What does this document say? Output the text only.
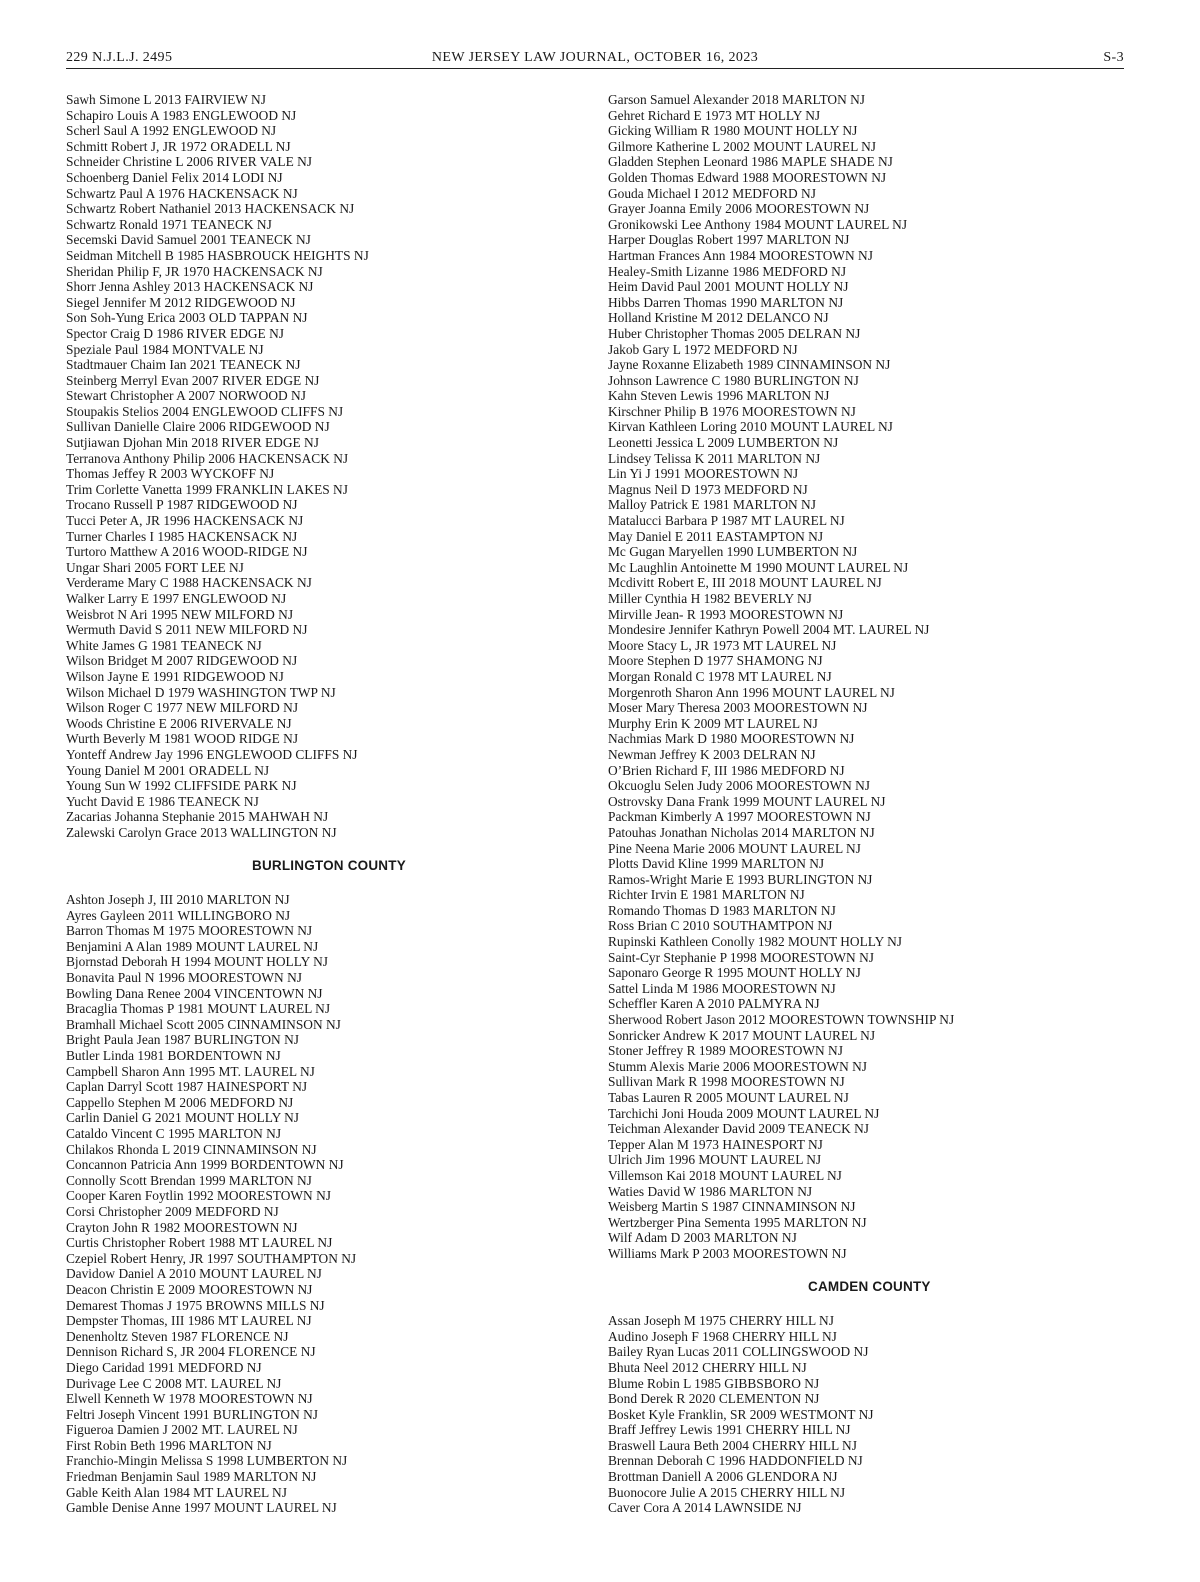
229 N.J.L.J. 2495	NEW JERSEY LAW JOURNAL, OCTOBER 16, 2023	S-3
Sawh Simone L 2013 FAIRVIEW NJ
Schapiro Louis A 1983 ENGLEWOOD NJ
Scherl Saul A 1992 ENGLEWOOD NJ
Schmitt Robert J, JR 1972 ORADELL NJ
Schneider Christine L 2006 RIVER VALE NJ
Schoenberg Daniel Felix 2014 LODI NJ
Schwartz Paul A 1976 HACKENSACK NJ
Schwartz Robert Nathaniel 2013 HACKENSACK NJ
Schwartz Ronald 1971 TEANECK NJ
Secemski David Samuel 2001 TEANECK NJ
Seidman Mitchell B 1985 HASBROUCK HEIGHTS NJ
Sheridan Philip F, JR 1970 HACKENSACK NJ
Shorr Jenna Ashley 2013 HACKENSACK NJ
Siegel Jennifer M 2012 RIDGEWOOD NJ
Son Soh-Yung Erica 2003 OLD TAPPAN NJ
Spector Craig D 1986 RIVER EDGE NJ
Speziale Paul 1984 MONTVALE NJ
Stadtmauer Chaim Ian 2021 TEANECK NJ
Steinberg Merryl Evan 2007 RIVER EDGE NJ
Stewart Christopher A 2007 NORWOOD NJ
Stoupakis Stelios 2004 ENGLEWOOD CLIFFS NJ
Sullivan Danielle Claire 2006 RIDGEWOOD NJ
Sutjiawan Djohan Min 2018 RIVER EDGE NJ
Terranova Anthony Philip 2006 HACKENSACK NJ
Thomas Jeffey R 2003 WYCKOFF NJ
Trim Corlette Vanetta 1999 FRANKLIN LAKES NJ
Trocano Russell P 1987 RIDGEWOOD NJ
Tucci Peter A, JR 1996 HACKENSACK NJ
Turner Charles I 1985 HACKENSACK NJ
Turtoro Matthew A 2016 WOOD-RIDGE NJ
Ungar Shari 2005 FORT LEE NJ
Verderame Mary C 1988 HACKENSACK NJ
Walker Larry E 1997 ENGLEWOOD NJ
Weisbrot N Ari 1995 NEW MILFORD NJ
Wermuth David S 2011 NEW MILFORD NJ
White James G 1981 TEANECK NJ
Wilson Bridget M 2007 RIDGEWOOD NJ
Wilson Jayne E 1991 RIDGEWOOD NJ
Wilson Michael D 1979 WASHINGTON TWP NJ
Wilson Roger C 1977 NEW MILFORD NJ
Woods Christine E 2006 RIVERVALE NJ
Wurth Beverly M 1981 WOOD RIDGE NJ
Yonteff Andrew Jay 1996 ENGLEWOOD CLIFFS NJ
Young Daniel M 2001 ORADELL NJ
Young Sun W 1992 CLIFFSIDE PARK NJ
Yucht David E 1986 TEANECK NJ
Zacarias Johanna Stephanie 2015 MAHWAH NJ
Zalewski Carolyn Grace 2013 WALLINGTON NJ
BURLINGTON COUNTY
Ashton Joseph J, III 2010 MARLTON NJ
Ayres Gayleen 2011 WILLINGBORO NJ
Barron Thomas M 1975 MOORESTOWN NJ
Benjamini A Alan 1989 MOUNT LAUREL NJ
Bjornstad Deborah H 1994 MOUNT HOLLY NJ
Bonavita Paul N 1996 MOORESTOWN NJ
Bowling Dana Renee 2004 VINCENTOWN NJ
Bracaglia Thomas P 1981 MOUNT LAUREL NJ
Bramhall Michael Scott 2005 CINNAMINSON NJ
Bright Paula Jean 1987 BURLINGTON NJ
Butler Linda 1981 BORDENTOWN NJ
Campbell Sharon Ann 1995 MT. LAUREL NJ
Caplan Darryl Scott 1987 HAINESPORT NJ
Cappello Stephen M 2006 MEDFORD NJ
Carlin Daniel G 2021 MOUNT HOLLY NJ
Cataldo Vincent C 1995 MARLTON NJ
Chilakos Rhonda L 2019 CINNAMINSON NJ
Concannon Patricia Ann 1999 BORDENTOWN NJ
Connolly Scott Brendan 1999 MARLTON NJ
Cooper Karen Foytlin 1992 MOORESTOWN NJ
Corsi Christopher 2009 MEDFORD NJ
Crayton John R 1982 MOORESTOWN NJ
Curtis Christopher Robert 1988 MT LAUREL NJ
Czepiel Robert Henry, JR 1997 SOUTHAMPTON NJ
Davidow Daniel A 2010 MOUNT LAUREL NJ
Deacon Christin E 2009 MOORESTOWN NJ
Demarest Thomas J 1975 BROWNS MILLS NJ
Dempster Thomas, III 1986 MT LAUREL NJ
Denenholtz Steven 1987 FLORENCE NJ
Dennison Richard S, JR 2004 FLORENCE NJ
Diego Caridad 1991 MEDFORD NJ
Durivage Lee C 2008 MT. LAUREL NJ
Elwell Kenneth W 1978 MOORESTOWN NJ
Feltri Joseph Vincent 1991 BURLINGTON NJ
Figueroa Damien J 2002 MT. LAUREL NJ
First Robin Beth 1996 MARLTON NJ
Franchio-Mingin Melissa S 1998 LUMBERTON NJ
Friedman Benjamin Saul 1989 MARLTON NJ
Gable Keith Alan 1984 MT LAUREL NJ
Gamble Denise Anne 1997 MOUNT LAUREL NJ
Garson Samuel Alexander 2018 MARLTON NJ
Gehret Richard E 1973 MT HOLLY NJ
Gicking William R 1980 MOUNT HOLLY NJ
Gilmore Katherine L 2002 MOUNT LAUREL NJ
Gladden Stephen Leonard 1986 MAPLE SHADE NJ
Golden Thomas Edward 1988 MOORESTOWN NJ
Gouda Michael I 2012 MEDFORD NJ
Grayer Joanna Emily 2006 MOORESTOWN NJ
Gronikowski Lee Anthony 1984 MOUNT LAUREL NJ
Harper Douglas Robert 1997 MARLTON NJ
Hartman Frances Ann 1984 MOORESTOWN NJ
Healey-Smith Lizanne 1986 MEDFORD NJ
Heim David Paul 2001 MOUNT HOLLY NJ
Hibbs Darren Thomas 1990 MARLTON NJ
Holland Kristine M 2012 DELANCO NJ
Huber Christopher Thomas 2005 DELRAN NJ
Jakob Gary L 1972 MEDFORD NJ
Jayne Roxanne Elizabeth 1989 CINNAMINSON NJ
Johnson Lawrence C 1980 BURLINGTON NJ
Kahn Steven Lewis 1996 MARLTON NJ
Kirschner Philip B 1976 MOORESTOWN NJ
Kirvan Kathleen Loring 2010 MOUNT LAUREL NJ
Leonetti Jessica L 2009 LUMBERTON NJ
Lindsey Telissa K 2011 MARLTON NJ
Lin Yi J 1991 MOORESTOWN NJ
Magnus Neil D 1973 MEDFORD NJ
Malloy Patrick E 1981 MARLTON NJ
Matalucci Barbara P 1987 MT LAUREL NJ
May Daniel E 2011 EASTAMPTON NJ
Mc Gugan Maryellen 1990 LUMBERTON NJ
Mc Laughlin Antoinette M 1990 MOUNT LAUREL NJ
Mcdivitt Robert E, III 2018 MOUNT LAUREL NJ
Miller Cynthia H 1982 BEVERLY NJ
Mirville Jean- R 1993 MOORESTOWN NJ
Mondesire Jennifer Kathryn Powell 2004 MT. LAUREL NJ
Moore Stacy L, JR 1973 MT LAUREL NJ
Moore Stephen D 1977 SHAMONG NJ
Morgan Ronald C 1978 MT LAUREL NJ
Morgenroth Sharon Ann 1996 MOUNT LAUREL NJ
Moser Mary Theresa 2003 MOORESTOWN NJ
Murphy Erin K 2009 MT LAUREL NJ
Nachmias Mark D 1980 MOORESTOWN NJ
Newman Jeffrey K 2003 DELRAN NJ
O’Brien Richard F, III 1986 MEDFORD NJ
Okcuoglu Selen Judy 2006 MOORESTOWN NJ
Ostrovsky Dana Frank 1999 MOUNT LAUREL NJ
Packman Kimberly A 1997 MOORESTOWN NJ
Patouhas Jonathan Nicholas 2014 MARLTON NJ
Pine Neena Marie 2006 MOUNT LAUREL NJ
Plotts David Kline 1999 MARLTON NJ
Ramos-Wright Marie E 1993 BURLINGTON NJ
Richter Irvin E 1981 MARLTON NJ
Romando Thomas D 1983 MARLTON NJ
Ross Brian C 2010 SOUTHAMTPON NJ
Rupinski Kathleen Conolly 1982 MOUNT HOLLY NJ
Saint-Cyr Stephanie P 1998 MOORESTOWN NJ
Saponaro George R 1995 MOUNT HOLLY NJ
Sattel Linda M 1986 MOORESTOWN NJ
Scheffler Karen A 2010 PALMYRA NJ
Sherwood Robert Jason 2012 MOORESTOWN TOWNSHIP NJ
Sonricker Andrew K 2017 MOUNT LAUREL NJ
Stoner Jeffrey R 1989 MOORESTOWN NJ
Stumm Alexis Marie 2006 MOORESTOWN NJ
Sullivan Mark R 1998 MOORESTOWN NJ
Tabas Lauren R 2005 MOUNT LAUREL NJ
Tarchichi Joni Houda 2009 MOUNT LAUREL NJ
Teichman Alexander David 2009 TEANECK NJ
Tepper Alan M 1973 HAINESPORT NJ
Ulrich Jim 1996 MOUNT LAUREL NJ
Villemson Kai 2018 MOUNT LAUREL NJ
Waties David W 1986 MARLTON NJ
Weisberg Martin S 1987 CINNAMINSON NJ
Wertzberger Pina Sementa 1995 MARLTON NJ
Wilf Adam D 2003 MARLTON NJ
Williams Mark P 2003 MOORESTOWN NJ
CAMDEN COUNTY
Assan Joseph M 1975 CHERRY HILL NJ
Audino Joseph F 1968 CHERRY HILL NJ
Bailey Ryan Lucas 2011 COLLINGSWOOD NJ
Bhuta Neel 2012 CHERRY HILL NJ
Blume Robin L 1985 GIBBSBORO NJ
Bond Derek R 2020 CLEMENTON NJ
Bosket Kyle Franklin, SR 2009 WESTMONT NJ
Braff Jeffrey Lewis 1991 CHERRY HILL NJ
Braswell Laura Beth 2004 CHERRY HILL NJ
Brennan Deborah C 1996 HADDONFIELD NJ
Brottman Daniell A 2006 GLENDORA NJ
Buonocore Julie A 2015 CHERRY HILL NJ
Caver Cora A 2014 LAWNSIDE NJ
